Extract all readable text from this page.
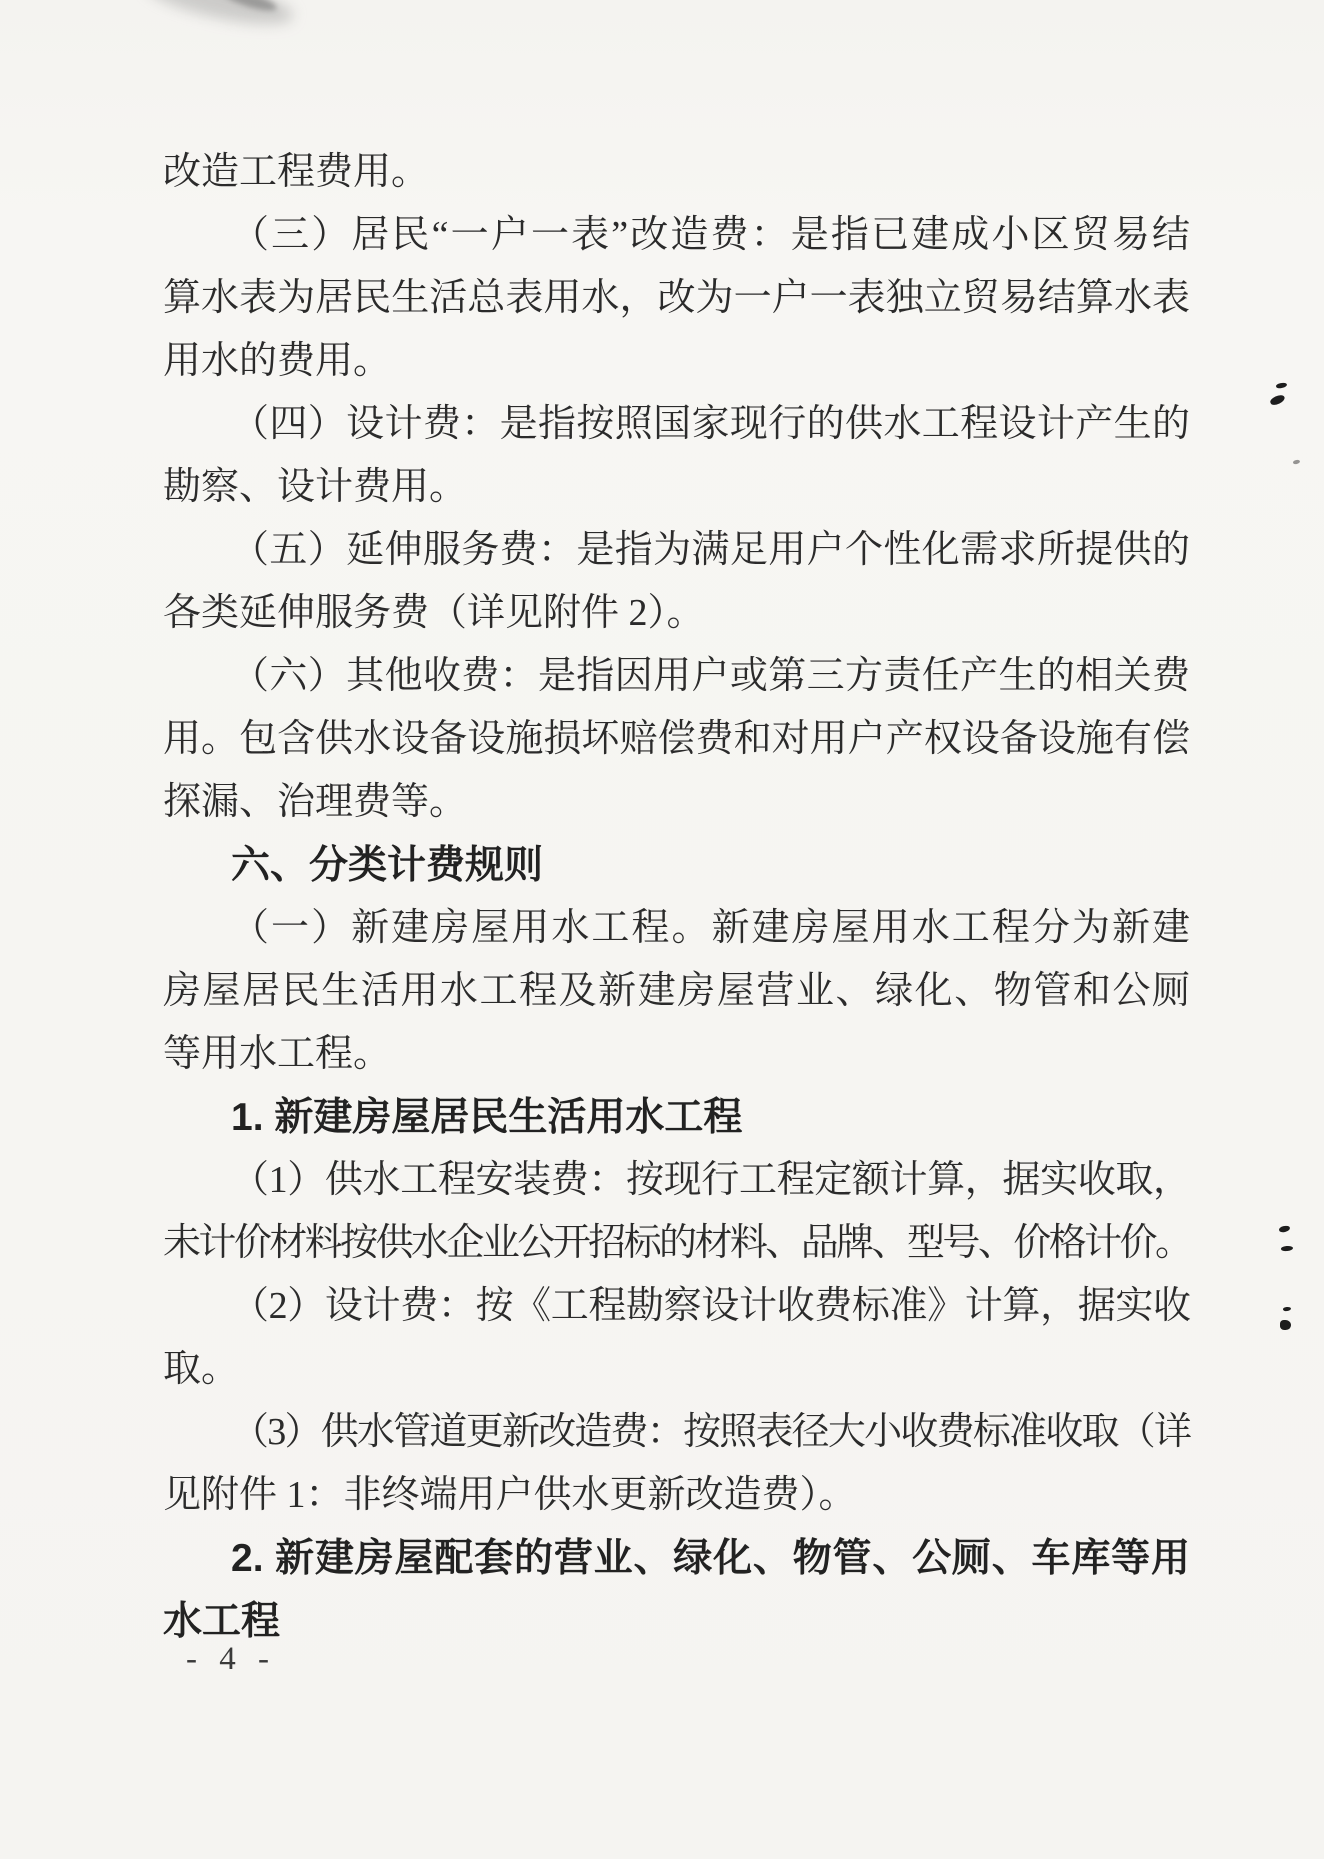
改造工程费用。
（三）居民“一户一表”改造费：是指已建成小区贸易结
算水表为居民生活总表用水，改为一户一表独立贸易结算水表
用水的费用。
（四）设计费：是指按照国家现行的供水工程设计产生的
勘察、设计费用。
（五）延伸服务费：是指为满足用户个性化需求所提供的
各类延伸服务费（详见附件 2）。
（六）其他收费：是指因用户或第三方责任产生的相关费
用。包含供水设备设施损坏赔偿费和对用户产权设备设施有偿
探漏、治理费等。
六、分类计费规则
（一）新建房屋用水工程。新建房屋用水工程分为新建
房屋居民生活用水工程及新建房屋营业、绿化、物管和公厕
等用水工程。
1. 新建房屋居民生活用水工程
（1）供水工程安装费：按现行工程定额计算，据实收取，
未计价材料按供水企业公开招标的材料、品牌、型号、价格计价。
（2）设计费：按《工程勘察设计收费标准》计算，据实收
取。
（3）供水管道更新改造费：按照表径大小收费标准收取（详
见附件 1：非终端用户供水更新改造费）。
2. 新建房屋配套的营业、绿化、物管、公厕、车库等用
水工程
- 4 -
